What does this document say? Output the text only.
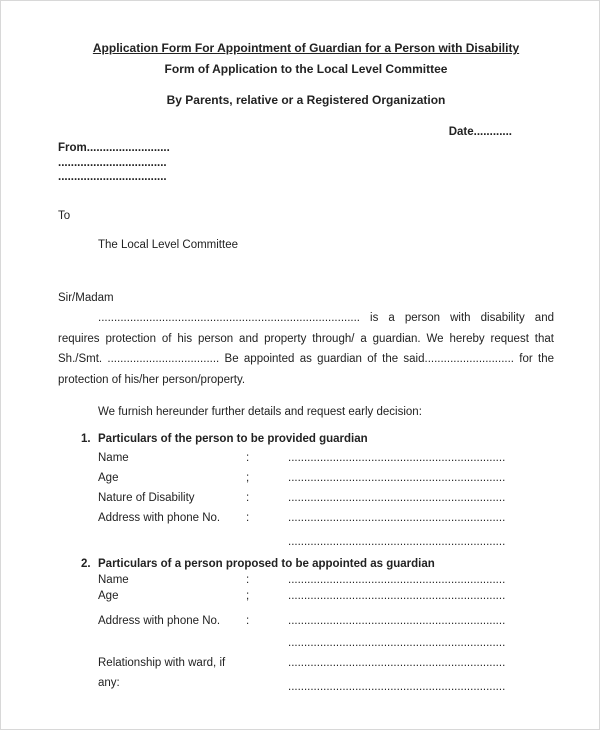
Application Form For Appointment of Guardian for a Person with Disability
Form of Application to the Local Level Committee
By Parents, relative or a Registered Organization
Date............
From..........................
..................................
..................................
To
The Local Level Committee
Sir/Madam

.................................................................................. is a person with disability and requires protection of his person and property through/ a guardian. We hereby request that Sh./Smt. ................................... Be appointed as guardian of the said............................ for the protection of his/her person/property.

We furnish hereunder further details and request early decision:
1. Particulars of the person to be provided guardian
Name	:	....................................................................
Age	;	....................................................................
Nature of Disability	:	....................................................................
Address with phone No.	:	....................................................................
....................................................................
2. Particulars of a person proposed to be appointed as guardian
Name	:	....................................................................
Age	;	....................................................................
Address with phone No.	:	....................................................................
....................................................................
Relationship with ward, if any:
....................................................................
....................................................................
